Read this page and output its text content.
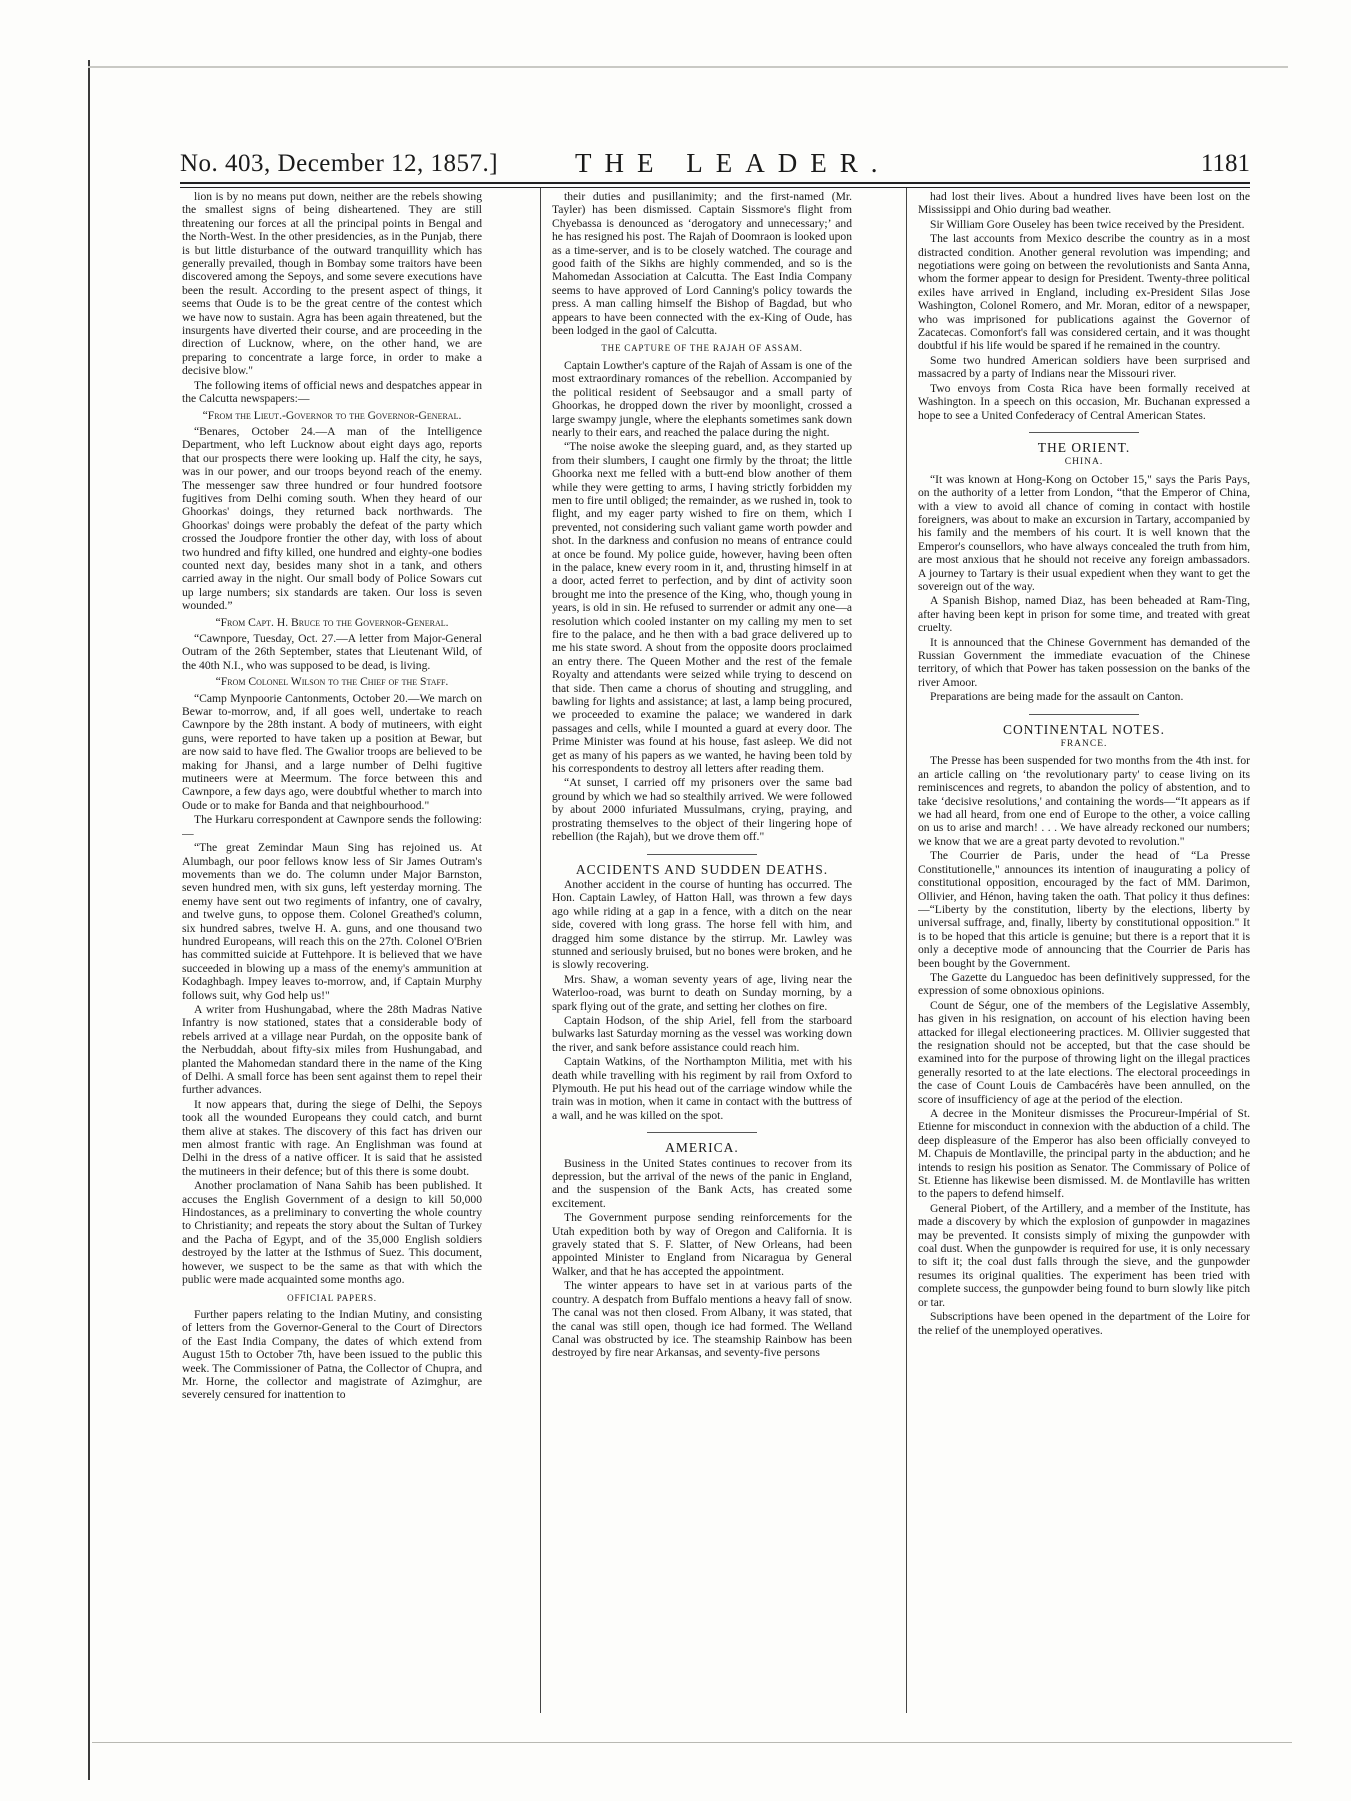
No. 403, December 12, 1857.]	THE LEADER.	1181

lion is by no means put down, neither are the rebels showing the smallest signs of being disheartened. They are still threatening our forces at all the principal points in Bengal and the North-West. In the other presidencies, as in the Punjab, there is but little disturbance of the outward tranquillity which has generally prevailed, though in Bombay some traitors have been discovered among the Sepoys, and some severe executions have been the result. According to the present aspect of things, it seems that Oude is to be the great centre of the contest which we have now to sustain. Agra has been again threatened, but the insurgents have diverted their course, and are proceeding in the direction of Lucknow, where, on the other hand, we are preparing to concentrate a large force, in order to make a decisive blow."

The following items of official news and despatches appear in the Calcutta newspapers:—

“From the Lieut.-Governor to the Governor-General.

“Benares, October 24.—A man of the Intelligence Department, who left Lucknow about eight days ago, reports that our prospects there were looking up. Half the city, he says, was in our power, and our troops beyond reach of the enemy. The messenger saw three hundred or four hundred footsore fugitives from Delhi coming south. When they heard of our Ghoorkas' doings, they returned back northwards. The Ghoorkas' doings were probably the defeat of the party which crossed the Joudpore frontier the other day, with loss of about two hundred and fifty killed, one hundred and eighty-one bodies counted next day, besides many shot in a tank, and others carried away in the night. Our small body of Police Sowars cut up large numbers; six standards are taken. Our loss is seven wounded.”

“From Capt. H. Bruce to the Governor-General.

“Cawnpore, Tuesday, Oct. 27.—A letter from Major-General Outram of the 26th September, states that Lieutenant Wild, of the 40th N.I., who was supposed to be dead, is living.

“From Colonel Wilson to the Chief of the Staff.

“Camp Mynpoorie Cantonments, October 20.—We march on Bewar to-morrow, and, if all goes well, undertake to reach Cawnpore by the 28th instant. A body of mutineers, with eight guns, were reported to have taken up a position at Bewar, but are now said to have fled. The Gwalior troops are believed to be making for Jhansi, and a large number of Delhi fugitive mutineers were at Meermum. The force between this and Cawnpore, a few days ago, were doubtful whether to march into Oude or to make for Banda and that neighbourhood."

The Hurkaru correspondent at Cawnpore sends the following:—

“The great Zemindar Maun Sing has rejoined us. At Alumbagh, our poor fellows know less of Sir James Outram's movements than we do. The column under Major Barnston, seven hundred men, with six guns, left yesterday morning. The enemy have sent out two regiments of infantry, one of cavalry, and twelve guns, to oppose them. Colonel Greathed's column, six hundred sabres, twelve H. A. guns, and one thousand two hundred Europeans, will reach this on the 27th. Colonel O'Brien has committed suicide at Futtehpore. It is believed that we have succeeded in blowing up a mass of the enemy's ammunition at Kodaghbagh. Impey leaves to-morrow, and, if Captain Murphy follows suit, why God help us!"

A writer from Hushungabad, where the 28th Madras Native Infantry is now stationed, states that a considerable body of rebels arrived at a village near Purdah, on the opposite bank of the Nerbuddah, about fifty-six miles from Hushungabad, and planted the Mahomedan standard there in the name of the King of Delhi. A small force has been sent against them to repel their further advances.

It now appears that, during the siege of Delhi, the Sepoys took all the wounded Europeans they could catch, and burnt them alive at stakes. The discovery of this fact has driven our men almost frantic with rage. An Englishman was found at Delhi in the dress of a native officer. It is said that he assisted the mutineers in their defence; but of this there is some doubt.

Another proclamation of Nana Sahib has been published. It accuses the English Government of a design to kill 50,000 Hindostances, as a preliminary to converting the whole country to Christianity; and repeats the story about the Sultan of Turkey and the Pacha of Egypt, and of the 35,000 English soldiers destroyed by the latter at the Isthmus of Suez. This document, however, we suspect to be the same as that with which the public were made acquainted some months ago.

OFFICIAL PAPERS.

Further papers relating to the Indian Mutiny, and consisting of letters from the Governor-General to the Court of Directors of the East India Company, the dates of which extend from August 15th to October 7th, have been issued to the public this week. The Commissioner of Patna, the Collector of Chupra, and Mr. Horne, the collector and magistrate of Azimghur, are severely censured for inattention to

their duties and pusillanimity; and the first-named (Mr. Tayler) has been dismissed. Captain Sissmore's flight from Chyebassa is denounced as ‘derogatory and unnecessary;’ and he has resigned his post. The Rajah of Doomraon is looked upon as a time-server, and is to be closely watched. The courage and good faith of the Sikhs are highly commended, and so is the Mahomedan Association at Calcutta. The East India Company seems to have approved of Lord Canning's policy towards the press. A man calling himself the Bishop of Bagdad, but who appears to have been connected with the ex-King of Oude, has been lodged in the gaol of Calcutta.

THE CAPTURE OF THE RAJAH OF ASSAM.

Captain Lowther's capture of the Rajah of Assam is one of the most extraordinary romances of the rebellion. Accompanied by the political resident of Seebsaugor and a small party of Ghoorkas, he dropped down the river by moonlight, crossed a large swampy jungle, where the elephants sometimes sank down nearly to their ears, and reached the palace during the night.

“The noise awoke the sleeping guard, and, as they started up from their slumbers, I caught one firmly by the throat; the little Ghoorka next me felled with a butt-end blow another of them while they were getting to arms, I having strictly forbidden my men to fire until obliged; the remainder, as we rushed in, took to flight, and my eager party wished to fire on them, which I prevented, not considering such valiant game worth powder and shot. In the darkness and confusion no means of entrance could at once be found. My police guide, however, having been often in the palace, knew every room in it, and, thrusting himself in at a door, acted ferret to perfection, and by dint of activity soon brought me into the presence of the King, who, though young in years, is old in sin. He refused to surrender or admit any one—a resolution which cooled instanter on my calling my men to set fire to the palace, and he then with a bad grace delivered up to me his state sword. A shout from the opposite doors proclaimed an entry there. The Queen Mother and the rest of the female Royalty and attendants were seized while trying to descend on that side. Then came a chorus of shouting and struggling, and bawling for lights and assistance; at last, a lamp being procured, we proceeded to examine the palace; we wandered in dark passages and cells, while I mounted a guard at every door. The Prime Minister was found at his house, fast asleep. We did not get as many of his papers as we wanted, he having been told by his correspondents to destroy all letters after reading them.

“At sunset, I carried off my prisoners over the same bad ground by which we had so stealthily arrived. We were followed by about 2000 infuriated Mussulmans, crying, praying, and prostrating themselves to the object of their lingering hope of rebellion (the Rajah), but we drove them off."

ACCIDENTS AND SUDDEN DEATHS.

Another accident in the course of hunting has occurred. The Hon. Captain Lawley, of Hatton Hall, was thrown a few days ago while riding at a gap in a fence, with a ditch on the near side, covered with long grass. The horse fell with him, and dragged him some distance by the stirrup. Mr. Lawley was stunned and seriously bruised, but no bones were broken, and he is slowly recovering.

Mrs. Shaw, a woman seventy years of age, living near the Waterloo-road, was burnt to death on Sunday morning, by a spark flying out of the grate, and setting her clothes on fire.

Captain Hodson, of the ship Ariel, fell from the starboard bulwarks last Saturday morning as the vessel was working down the river, and sank before assistance could reach him.

Captain Watkins, of the Northampton Militia, met with his death while travelling with his regiment by rail from Oxford to Plymouth. He put his head out of the carriage window while the train was in motion, when it came in contact with the buttress of a wall, and he was killed on the spot.

AMERICA.

Business in the United States continues to recover from its depression, but the arrival of the news of the panic in England, and the suspension of the Bank Acts, has created some excitement.

The Government purpose sending reinforcements for the Utah expedition both by way of Oregon and California. It is gravely stated that S. F. Slatter, of New Orleans, had been appointed Minister to England from Nicaragua by General Walker, and that he has accepted the appointment.

The winter appears to have set in at various parts of the country. A despatch from Buffalo mentions a heavy fall of snow. The canal was not then closed. From Albany, it was stated, that the canal was still open, though ice had formed. The Welland Canal was obstructed by ice. The steamship Rainbow has been destroyed by fire near Arkansas, and seventy-five persons

had lost their lives. About a hundred lives have been lost on the Mississippi and Ohio during bad weather.

Sir William Gore Ouseley has been twice received by the President.

The last accounts from Mexico describe the country as in a most distracted condition. Another general revolution was impending; and negotiations were going on between the revolutionists and Santa Anna, whom the former appear to design for President. Twenty-three political exiles have arrived in England, including ex-President Silas Jose Washington, Colonel Romero, and Mr. Moran, editor of a newspaper, who was imprisoned for publications against the Governor of Zacatecas. Comonfort's fall was considered certain, and it was thought doubtful if his life would be spared if he remained in the country.

Some two hundred American soldiers have been surprised and massacred by a party of Indians near the Missouri river.

Two envoys from Costa Rica have been formally received at Washington. In a speech on this occasion, Mr. Buchanan expressed a hope to see a United Confederacy of Central American States.

THE ORIENT.

CHINA.

“It was known at Hong-Kong on October 15," says the Paris Pays, on the authority of a letter from London, “that the Emperor of China, with a view to avoid all chance of coming in contact with hostile foreigners, was about to make an excursion in Tartary, accompanied by his family and the members of his court. It is well known that the Emperor's counsellors, who have always concealed the truth from him, are most anxious that he should not receive any foreign ambassadors. A journey to Tartary is their usual expedient when they want to get the sovereign out of the way.

A Spanish Bishop, named Diaz, has been beheaded at Ram-Ting, after having been kept in prison for some time, and treated with great cruelty.

It is announced that the Chinese Government has demanded of the Russian Government the immediate evacuation of the Chinese territory, of which that Power has taken possession on the banks of the river Amoor.

Preparations are being made for the assault on Canton.

CONTINENTAL NOTES.

FRANCE.

The Presse has been suspended for two months from the 4th inst. for an article calling on ‘the revolutionary party' to cease living on its reminiscences and regrets, to abandon the policy of abstention, and to take ‘decisive resolutions,' and containing the words—“It appears as if we had all heard, from one end of Europe to the other, a voice calling on us to arise and march! . . . We have already reckoned our numbers; we know that we are a great party devoted to revolution."

The Courrier de Paris, under the head of “La Presse Constitutionelle," announces its intention of inaugurating a policy of constitutional opposition, encouraged by the fact of MM. Darimon, Ollivier, and Hénon, having taken the oath. That policy it thus defines:—“Liberty by the constitution, liberty by the elections, liberty by universal suffrage, and, finally, liberty by constitutional opposition." It is to be hoped that this article is genuine; but there is a report that it is only a deceptive mode of announcing that the Courrier de Paris has been bought by the Government.

The Gazette du Languedoc has been definitively suppressed, for the expression of some obnoxious opinions.

Count de Ségur, one of the members of the Legislative Assembly, has given in his resignation, on account of his election having been attacked for illegal electioneering practices. M. Ollivier suggested that the resignation should not be accepted, but that the case should be examined into for the purpose of throwing light on the illegal practices generally resorted to at the late elections. The electoral proceedings in the case of Count Louis de Cambacérès have been annulled, on the score of insufficiency of age at the period of the election.

A decree in the Moniteur dismisses the Procureur-Impérial of St. Etienne for misconduct in connexion with the abduction of a child. The deep displeasure of the Emperor has also been officially conveyed to M. Chapuis de Montlaville, the principal party in the abduction; and he intends to resign his position as Senator. The Commissary of Police of St. Etienne has likewise been dismissed. M. de Montlaville has written to the papers to defend himself.

General Piobert, of the Artillery, and a member of the Institute, has made a discovery by which the explosion of gunpowder in magazines may be prevented. It consists simply of mixing the gunpowder with coal dust. When the gunpowder is required for use, it is only necessary to sift it; the coal dust falls through the sieve, and the gunpowder resumes its original qualities. The experiment has been tried with complete success, the gunpowder being found to burn slowly like pitch or tar.

Subscriptions have been opened in the department of the Loire for the relief of the unemployed operatives.
